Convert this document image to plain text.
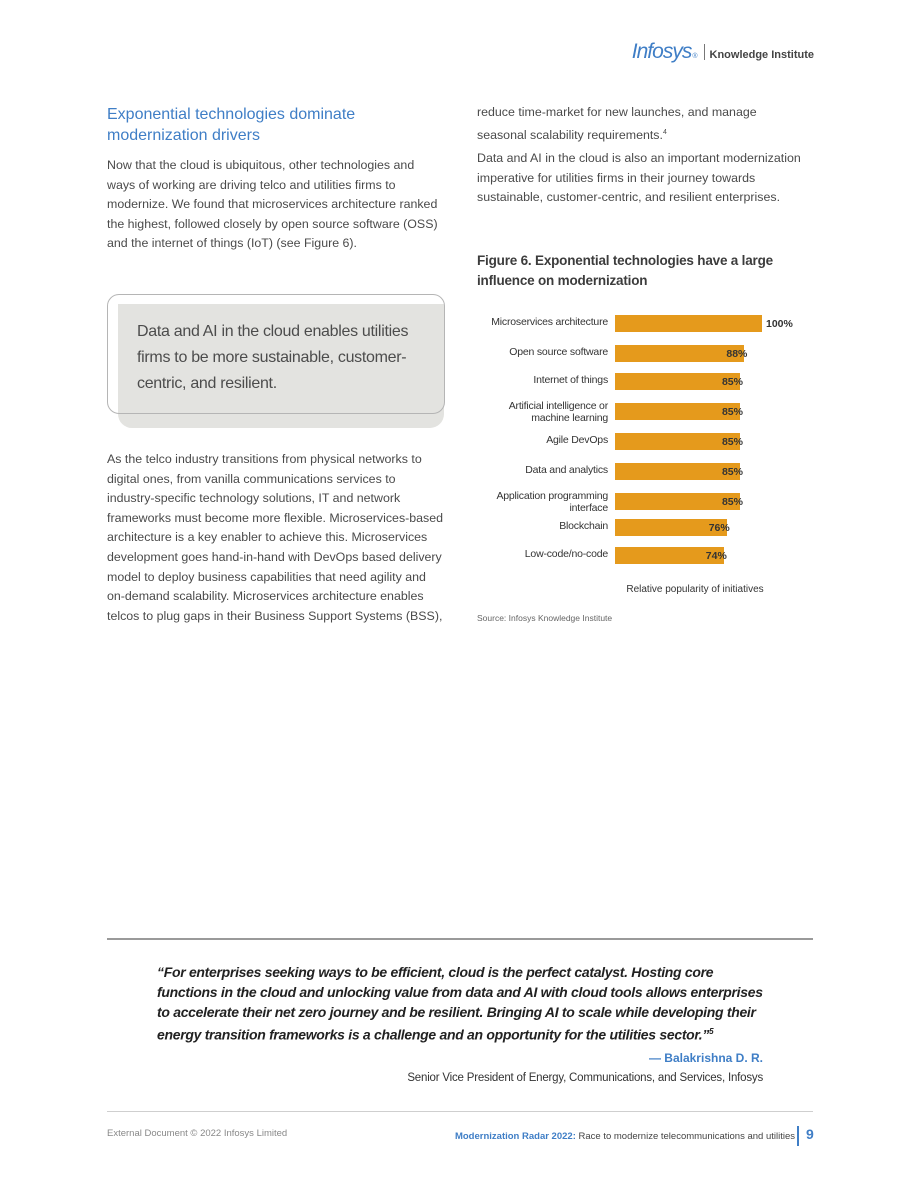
Infosys ® Knowledge Institute
Exponential technologies dominate modernization drivers
Now that the cloud is ubiquitous, other technologies and ways of working are driving telco and utilities firms to modernize. We found that microservices architecture ranked the highest, followed closely by open source software (OSS) and the internet of things (IoT) (see Figure 6).
Data and AI in the cloud enables utilities firms to be more sustainable, customer-centric, and resilient.
As the telco industry transitions from physical networks to digital ones, from vanilla communications services to industry-specific technology solutions, IT and network frameworks must become more flexible. Microservices-based architecture is a key enabler to achieve this. Microservices development goes hand-in-hand with DevOps based delivery model to deploy business capabilities that need agility and on-demand scalability. Microservices architecture enables telcos to plug gaps in their Business Support Systems (BSS),
reduce time-market for new launches, and manage seasonal scalability requirements.$^4$
Data and AI in the cloud is also an important modernization imperative for utilities firms in their journey towards sustainable, customer-centric, and resilient enterprises.
Figure 6. Exponential technologies have a large influence on modernization
Relative popularity of initiatives
Microservices architecture	100%
Open source software	88%
Internet of things	85%
Artificial intelligence or machine learning	85%
Agile DevOps	85%
Data and analytics	85%
Application programming interface	85%
Blockchain	76%
Low-code/no-code	74%
Source: Infosys Knowledge Institute
“For enterprises seeking ways to be efficient, cloud is the perfect catalyst. Hosting core functions in the cloud and unlocking value from data and AI with cloud tools allows enterprises to accelerate their net zero journey and be resilient. Bringing AI to scale while developing their energy transition frameworks is a challenge and an opportunity for the utilities sector.”$^5$
— Balakrishna D. R.
Senior Vice President of Energy, Communications, and Services, Infosys
External Document © 2022 Infosys Limited	Modernization Radar 2022: Race to modernize telecommunications and utilities 9
